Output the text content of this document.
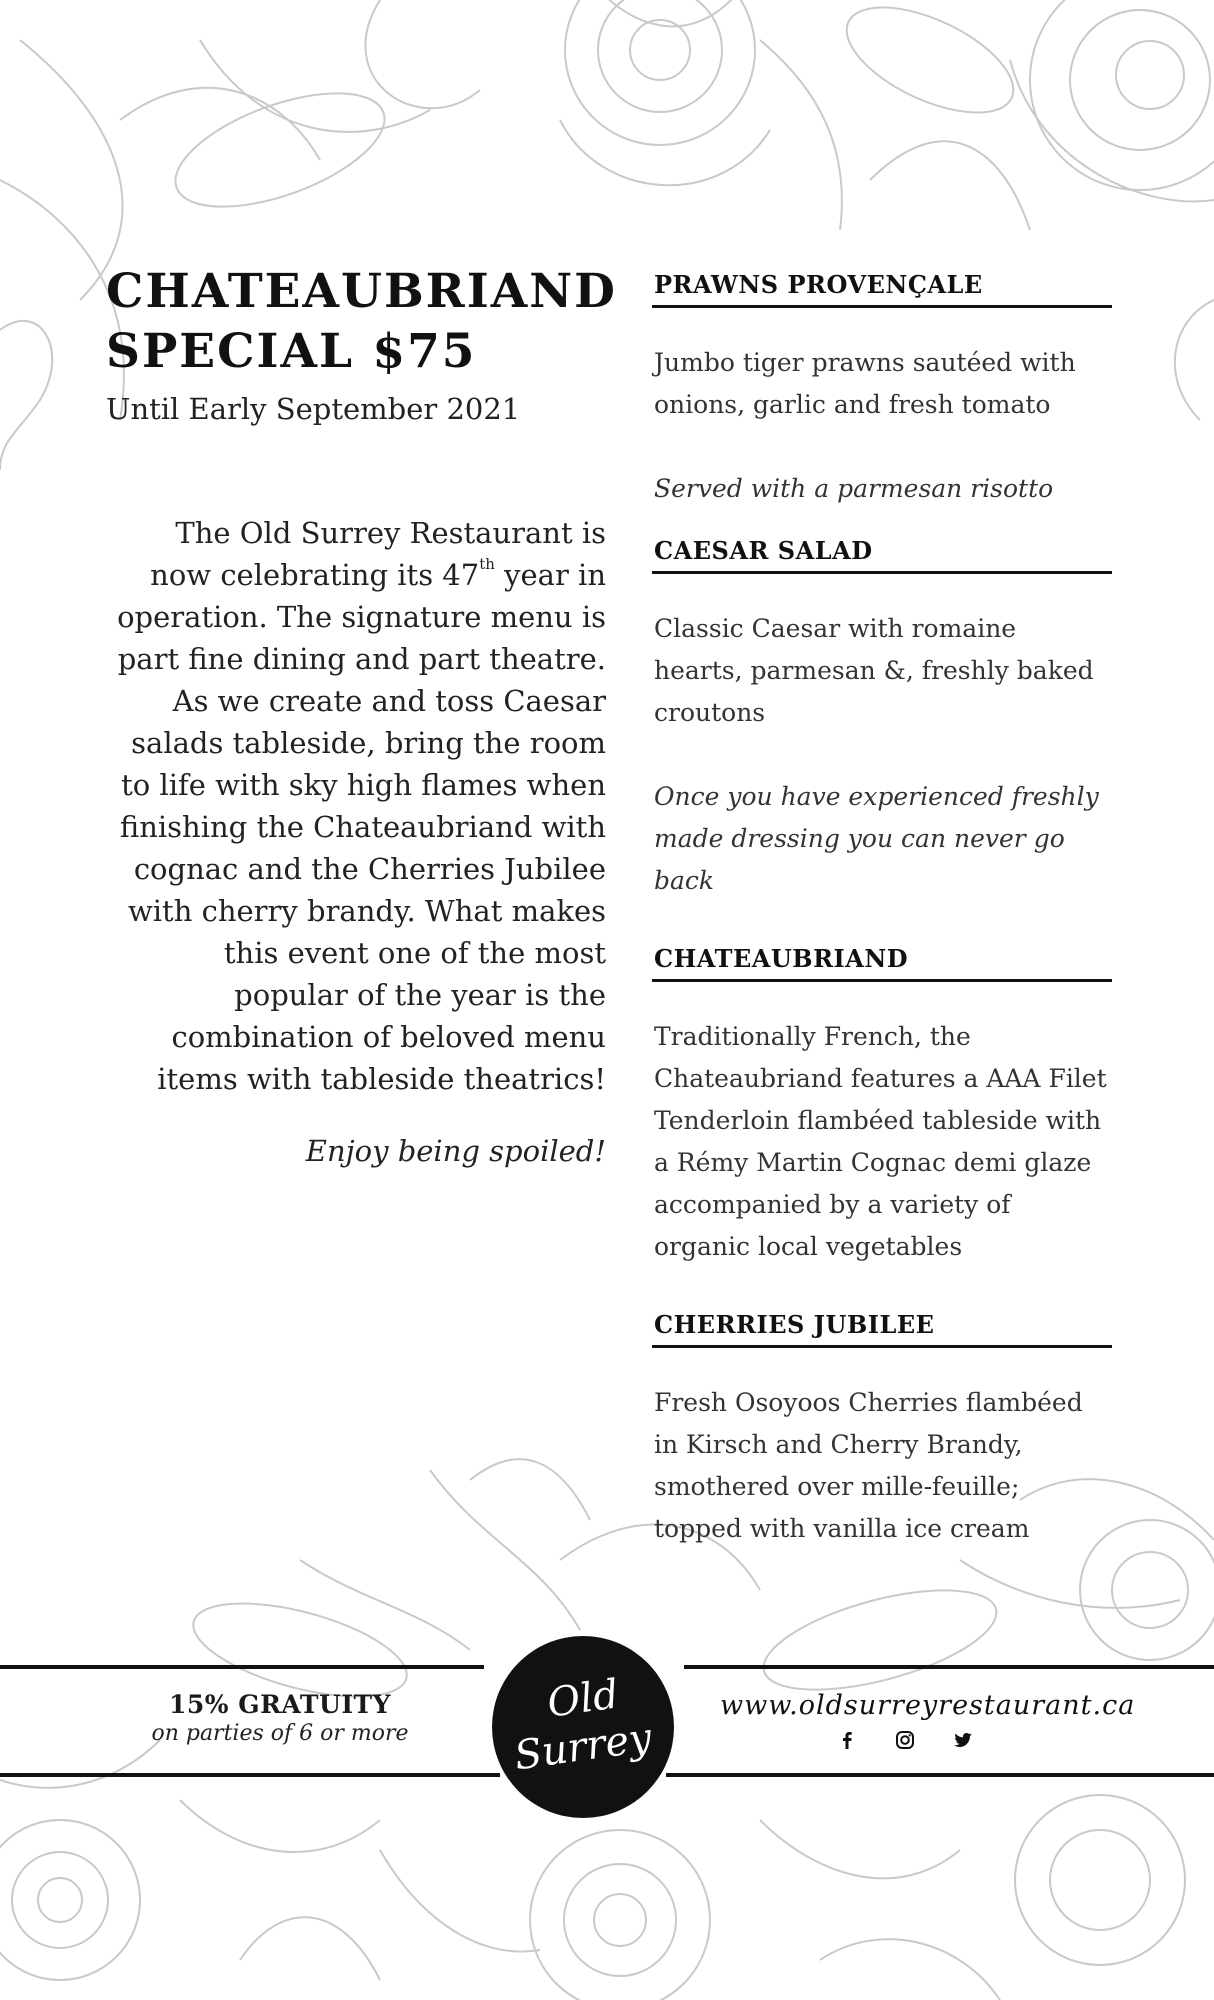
CHATEAUBRIAND
SPECIAL $75
Until Early September 2021
The Old Surrey Restaurant is now celebrating its 47th year in operation. The signature menu is part fine dining and part theatre. As we create and toss Caesar salads tableside, bring the room to life with sky high flames when finishing the Chateaubriand with cognac and the Cherries Jubilee with cherry brandy. What makes this event one of the most popular of the year is the combination of beloved menu items with tableside theatrics!
Enjoy being spoiled!
PRAWNS PROVENÇALE
Jumbo tiger prawns sautéed with onions, garlic and fresh tomato
Served with a parmesan risotto
CAESAR SALAD
Classic Caesar with romaine hearts, parmesan &, freshly baked croutons
Once you have experienced freshly made dressing you can never go back
CHATEAUBRIAND
Traditionally French, the Chateaubriand features a AAA Filet Tenderloin flambéed tableside with a Rémy Martin Cognac demi glaze accompanied by a variety of organic local vegetables
CHERRIES JUBILEE
Fresh Osoyoos Cherries flambéed in Kirsch and Cherry Brandy, smothered over mille-feuille; topped with vanilla ice cream
15% GRATUITY
on parties of 6 or more
Old
Surrey
www.oldsurreyrestaurant.ca
